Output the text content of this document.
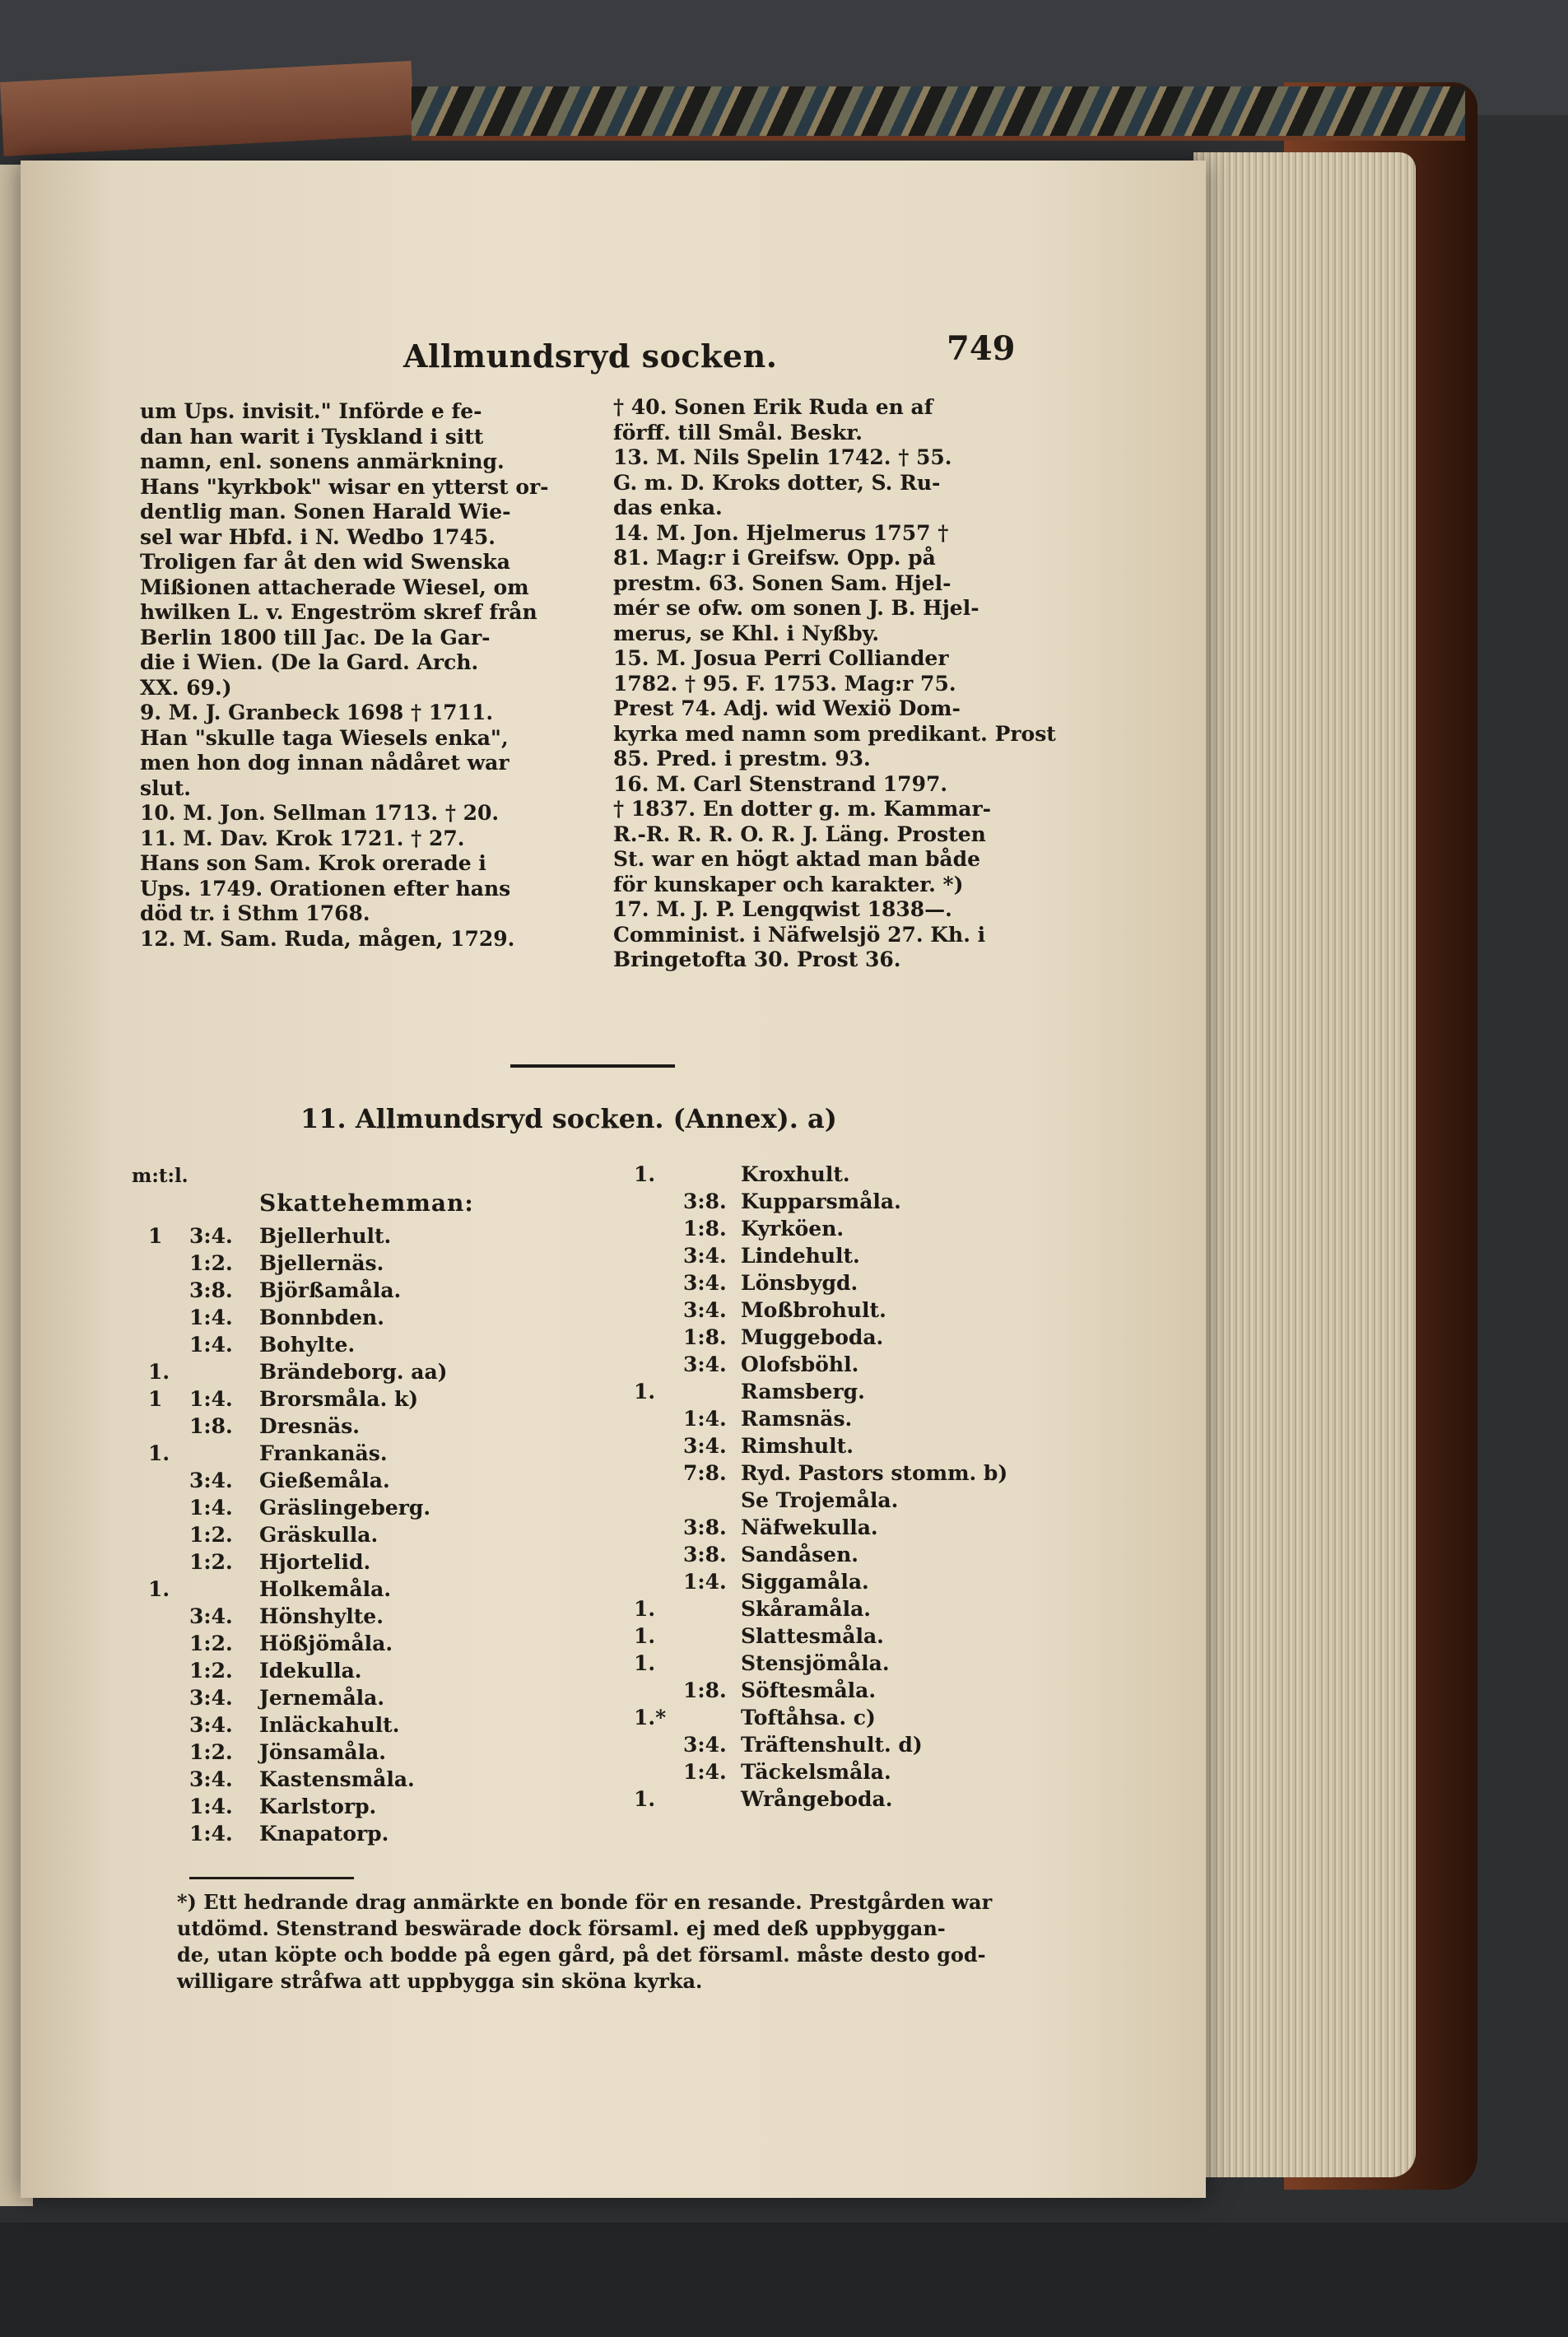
Allmundsryd socken.	749

um Ups. invisit." Införde e fe-

dan han warit i Tyskland i sitt

namn, enl. sonens anmärkning.

Hans "kyrkbok" wisar en ytterst or-

dentlig man. Sonen Harald Wie-

sel war Hbfd. i N. Wedbo 1745.

Troligen far åt den wid Swenska

Mißionen attacherade Wiesel, om

hwilken L. v. Engeström skref från

Berlin 1800 till Jac. De la Gar-

die i Wien. (De la Gard. Arch.

XX. 69.)

9. M. J. Granbeck 1698 † 1711.

Han "skulle taga Wiesels enka",

men hon dog innan nådåret war

slut.

10. M. Jon. Sellman 1713. † 20.

11. M. Dav. Krok 1721. † 27.

Hans son Sam. Krok orerade i

Ups. 1749. Orationen efter hans

död tr. i Sthm 1768.

12. M. Sam. Ruda, mågen, 1729.

† 40. Sonen Erik Ruda en af

förff. till Smål. Beskr.

13. M. Nils Spelin 1742. † 55.

G. m. D. Kroks dotter, S. Ru-

das enka.

14. M. Jon. Hjelmerus 1757 †

81. Mag:r i Greifsw. Opp. på

prestm. 63. Sonen Sam. Hjel-

mér se ofw. om sonen J. B. Hjel-

merus, se Khl. i Nyßby.

15. M. Josua Perri Colliander

1782. † 95. F. 1753. Mag:r 75.

Prest 74. Adj. wid Wexiö Dom-

kyrka med namn som predikant. Prost

85. Pred. i prestm. 93.

16. M. Carl Stenstrand 1797.

† 1837. En dotter g. m. Kammar-

R.-R. R. R. O. R. J. Läng. Prosten

St. war en högt aktad man både

för kunskaper och karakter. *)

17. M. J. P. Lengqwist 1838—.

Comminist. i Näfwelsjö 27. Kh. i

Bringetofta 30. Prost 36.

11. Allmundsryd socken. (Annex). a)
m:t:l.
Skattehemman:
1 3:4. Bjellerhult.
1:2. Bjellernäs.
3:8. Björßamåla.
1:4. Bonnbden.
1:4. Bohylte.
1.	Brändeborg. aa)
1 1:4. Brorsmåla. k)
1:8. Dresnäs.
1.	Frankanäs.
3:4. Gießemåla.
1:4. Gräslingeberg.
1:2. Gräskulla.
1:2. Hjortelid.
1.	Holkemåla.
3:4. Hönshylte.
1:2. Hößjömåla.
1:2. Idekulla.
3:4. Jernemåla.
3:4. Inläckahult.
1:2. Jönsamåla.
3:4. Kastensmåla.
1:4. Karlstorp.
1:4. Knapatorp.
1.	Kroxhult.
3:8. Kupparsmåla.
1:8. Kyrköen.
3:4. Lindehult.
3:4. Lönsbygd.
3:4. Moßbrohult.
1:8. Muggeboda.
3:4. Olofsböhl.
1.	Ramsberg.
1:4. Ramsnäs.
3:4. Rimshult.
7:8. Ryd. Pastors stomm. b)
Se Trojemåla.
3:8. Näfwekulla.
3:8. Sandåsen.
1:4. Siggamåla.
1.	Skåramåla.
1.	Slattesmåla.
1.	Stensjömåla.
1:8. Söftesmåla.
1.*	Toftåhsa. c)
3:4. Träftenshult. d)
1:4. Täckelsmåla.
1.	Wrångeboda.
*) Ett hedrande drag anmärkte en bonde för en resande. Prestgården war
utdömd. Stenstrand beswärade dock församl. ej med deß uppbyggan-
de, utan köpte och bodde på egen gård, på det församl. måste desto god-
willigare stråfwa att uppbygga sin sköna kyrka.
